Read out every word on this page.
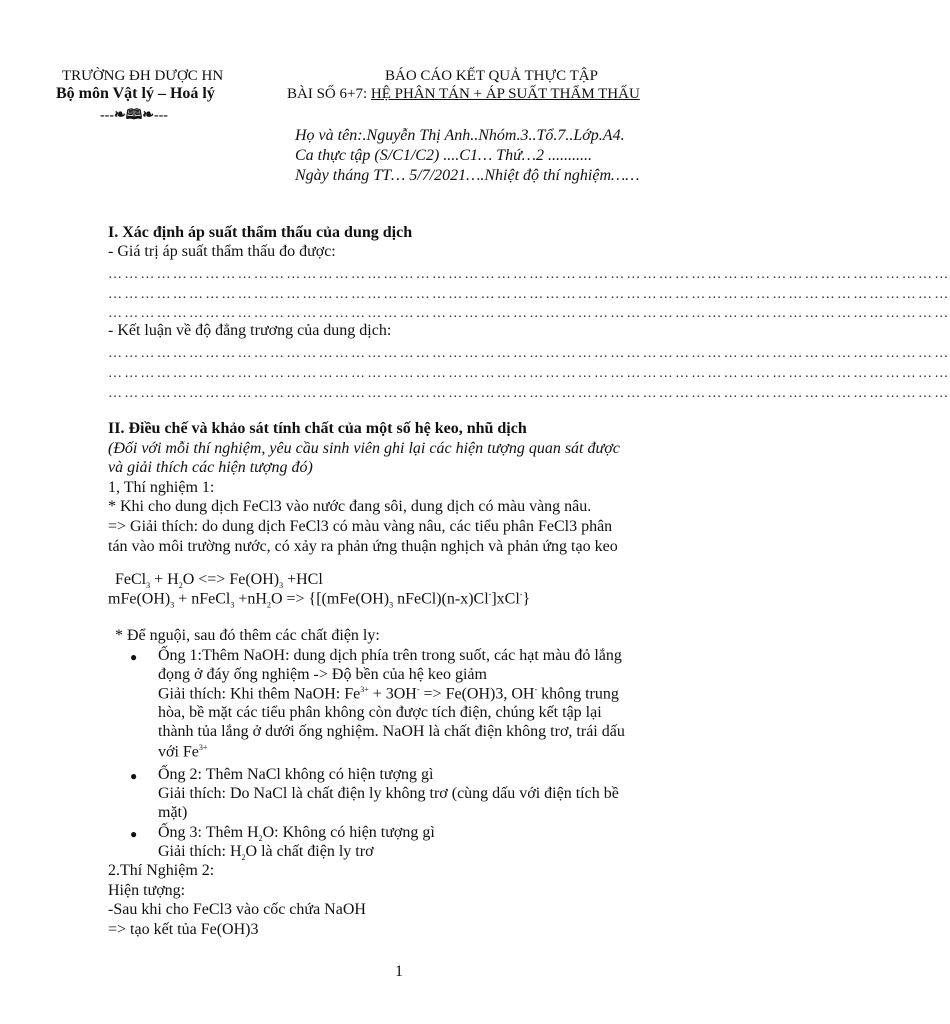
TRƯỜNG ĐH DƯỢC HN
Bộ môn Vật lý – Hoá lý
---❧🕮❧---
BÁO CÁO KẾT QUẢ THỰC TẬP
BÀI SỐ 6+7: HỆ PHÂN TÁN + ÁP SUẤT THẨM THẤU
Họ và tên:.Nguyễn Thị Anh..Nhóm.3..Tổ.7..Lớp.A4.
Ca thực tập (S/C1/C2) ....C1… Thứ…2 ...........
Ngày tháng TT… 5/7/2021….Nhiệt độ thí nghiệm……
I. Xác định áp suất thẩm thấu của dung dịch
- Giá trị áp suất thẩm thấu đo được:
…………………………………………………………………………………………………………………………………………
…………………………………………………………………………………………………………………………………………
…………………………………………………………………………………………………………………………………………
- Kết luận về độ đẳng trương của dung dịch:
…………………………………………………………………………………………………………………………………………
…………………………………………………………………………………………………………………………………………
…………………………………………………………………………………………………………………………………………
II. Điều chế và khảo sát tính chất của một số hệ keo, nhũ dịch
(Đối với mỗi thí nghiệm, yêu cầu sinh viên ghi lại các hiện tượng quan sát được
và giải thích các hiện tượng đó)
1, Thí nghiệm 1:
* Khi cho dung dịch FeCl3 vào nước đang sôi, dung dịch có màu vàng nâu.
=> Giải thích: do dung dịch FeCl3 có màu vàng nâu, các tiểu phân FeCl3 phân
tán vào môi trường nước, có xảy ra phản ứng thuận nghịch và phản ứng tạo keo
FeCl$_3$ + $H_2O$ <=> $Fe(OH)_3 +HCl$
$mFe(OH)_3$ + nFeCl$_3$ $+nH_2O => \{[(mFe(OH)_3$ nFeCl)(n-x)Cl-]xCl-}
* Để nguội, sau đó thêm các chất điện ly:
● Ống 1:Thêm NaOH: dung dịch phía trên trong suốt, các hạt màu đỏ lắng
đọng ở đáy ống nghiệm -> Độ bền của hệ keo giảm
Giải thích: Khi thêm NaOH: $Fe^{3+} + 3OH^- => Fe(OH)3$, OH- không trung
hòa, bề mặt các tiểu phân không còn được tích điện, chúng kết tập lại
thành tủa lắng ở dưới ống nghiệm. NaOH là chất điện không trơ, trái dấu
với $Fe^{3+}$
● Ống 2: Thêm NaCl không có hiện tượng gì
Giải thích: Do NaCl là chất điện ly không trơ (cùng dấu với điện tích bề
mặt)
● Ống 3: Thêm $H_2O$: Không có hiện tượng gì
Giải thích: $H_2O$ là chất điện ly trơ
2.Thí Nghiệm 2:
Hiện tượng:
-Sau khi cho FeCl3 vào cốc chứa NaOH
=> tạo kết tủa Fe(OH)3
1
